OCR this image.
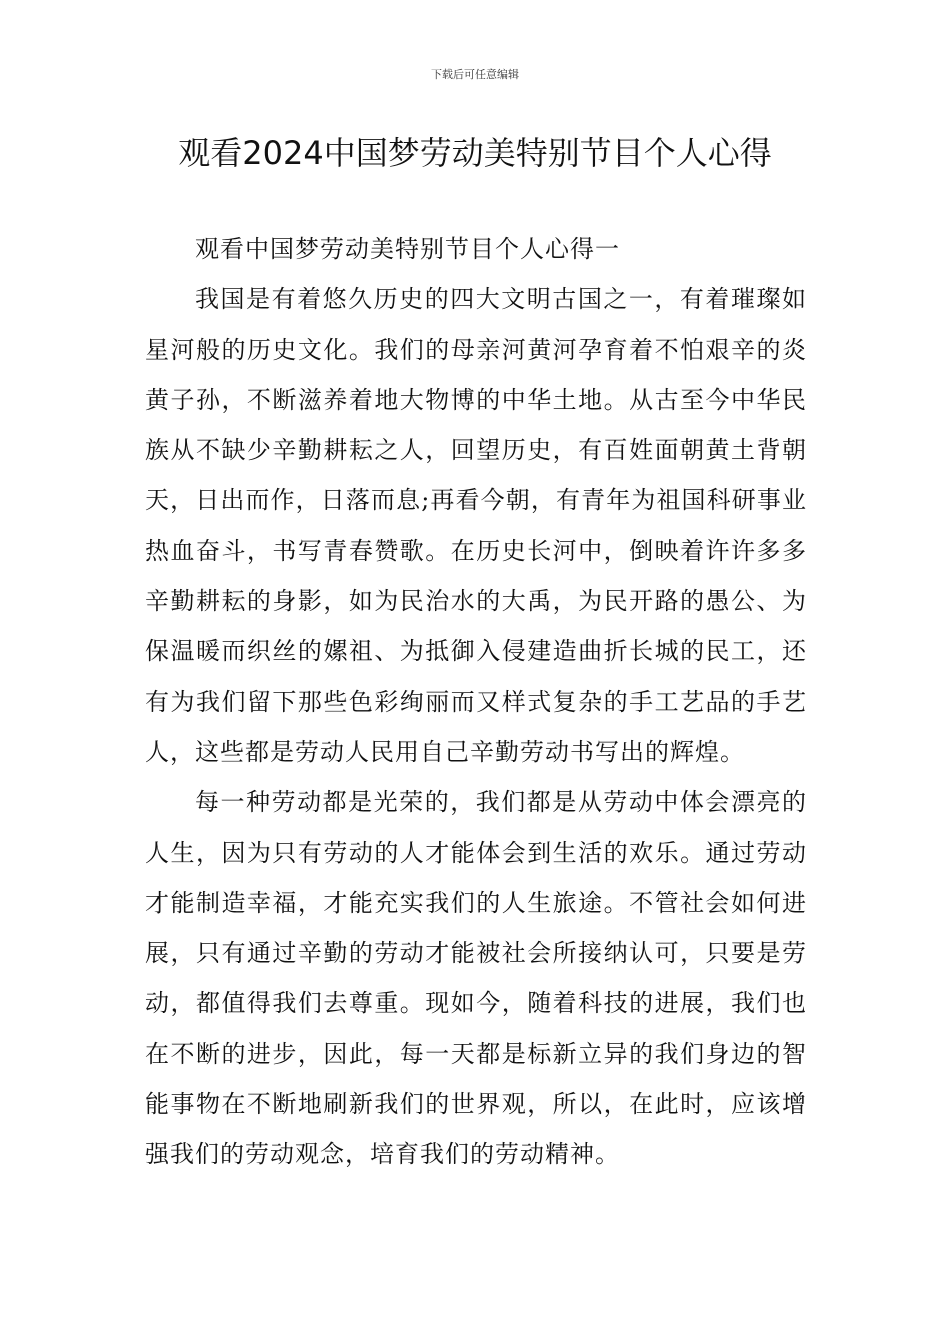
下载后可任意编辑
观看2024中国梦劳动美特别节目个人心得

观看中国梦劳动美特别节目个人心得一

我国是有着悠久历史的四大文明古国之一，有着璀璨如星河般的历史文化。我们的母亲河黄河孕育着不怕艰辛的炎黄子孙，不断滋养着地大物博的中华土地。从古至今中华民族从不缺少辛勤耕耘之人，回望历史，有百姓面朝黄土背朝天，日出而作，日落而息;再看今朝，有青年为祖国科研事业热血奋斗，书写青春赞歌。在历史长河中，倒映着许许多多辛勤耕耘的身影，如为民治水的大禹，为民开路的愚公、为保温暖而织丝的嫘祖、为抵御入侵建造曲折长城的民工，还有为我们留下那些色彩绚丽而又样式复杂的手工艺品的手艺人，这些都是劳动人民用自己辛勤劳动书写出的辉煌。

每一种劳动都是光荣的，我们都是从劳动中体会漂亮的人生，因为只有劳动的人才能体会到生活的欢乐。通过劳动才能制造幸福，才能充实我们的人生旅途。不管社会如何进展，只有通过辛勤的劳动才能被社会所接纳认可，只要是劳动，都值得我们去尊重。现如今，随着科技的进展，我们也在不断的进步，因此，每一天都是标新立异的我们身边的智能事物在不断地刷新我们的世界观，所以，在此时，应该增强我们的劳动观念，培育我们的劳动精神。
